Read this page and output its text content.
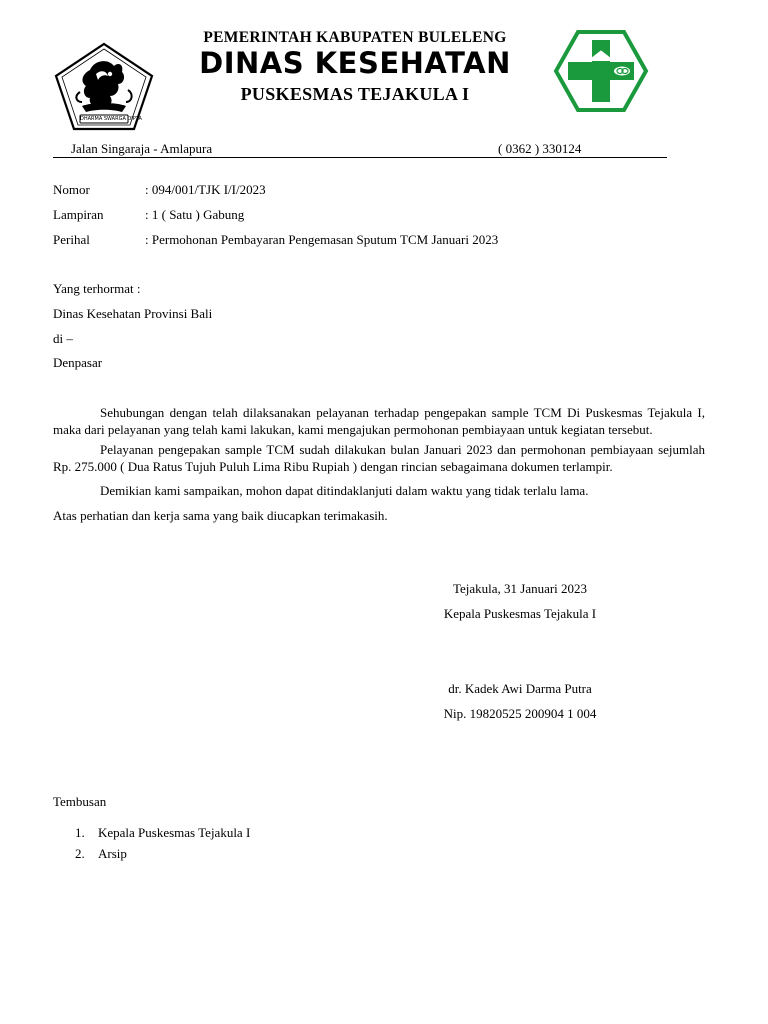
DHARMA SWARGA DIPTA
PEMERINTAH KABUPATEN BULELENG
DINAS KESEHATAN
PUSKESMAS TEJAKULA I
Jalan Singaraja - Amlapura	( 0362 ) 330124
Nomor	: 094/001/TJK I/I/2023
Lampiran	: 1 ( Satu ) Gabung
Perihal	: Permohonan Pembayaran Pengemasan Sputum TCM Januari 2023
Yang terhormat :
Dinas Kesehatan Provinsi Bali
di –
Denpasar
Sehubungan dengan telah dilaksanakan pelayanan terhadap pengepakan sample TCM Di Puskesmas Tejakula I, maka dari pelayanan yang telah kami lakukan, kami mengajukan permohonan pembiayaan untuk kegiatan tersebut.
Pelayanan pengepakan sample TCM sudah dilakukan bulan Januari 2023 dan permohonan pembiayaan sejumlah Rp. 275.000 ( Dua Ratus Tujuh Puluh Lima Ribu Rupiah ) dengan rincian sebagaimana dokumen terlampir.
Demikian kami sampaikan, mohon dapat ditindaklanjuti dalam waktu yang tidak terlalu lama.
Atas perhatian dan kerja sama yang baik diucapkan terimakasih.
Tejakula, 31 Januari 2023
Kepala Puskesmas Tejakula I
dr. Kadek Awi Darma Putra
Nip. 19820525 200904 1 004
Tembusan
1. Kepala Puskesmas Tejakula I
2. Arsip
